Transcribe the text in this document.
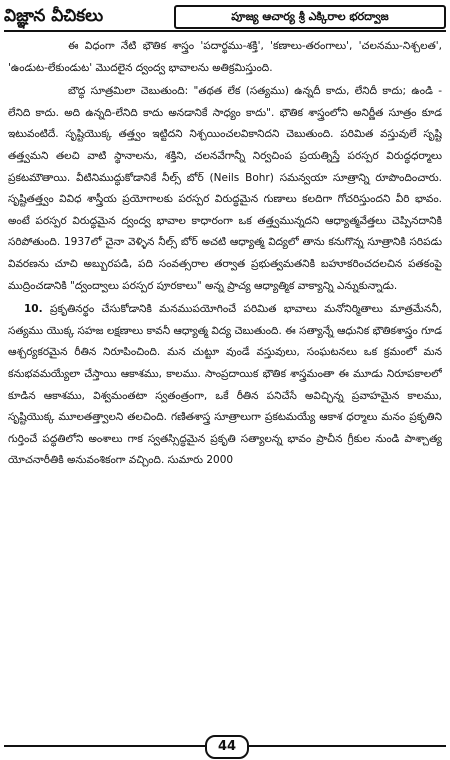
విజ్ఞాన వీచికలు	పూజ్య ఆచార్య శ్రీ ఎక్కిరాల భరద్వాజ

ఈ విధంగా నేటి భౌతిక శాస్త్రం 'పదార్థము-శక్తి', 'కణాలు-తరంగాలు', 'చలనము-నిశ్చలత', 'ఉండుట-లేకుండుట' మొదలైన ద్వంద్వ భావాలను అతిక్రమిస్తుంది.

బౌద్ధ సూత్రమిలా చెబుతుంది: "తథత లేక (సత్యము) ఉన్నదీ కాదు, లేనిదీ కాదు; ఉండి - లేనిది కాదు. అది ఉన్నది-లేనిది కాదు అనడానికే సాధ్యం కాదు". భౌతిక శాస్త్రంలోని అనిర్ణీత సూత్రం కూడ ఇటువంటిదే. సృష్టియొక్క తత్త్వం ఇట్టిదని నిశ్చయించలవికానిదని చెబుతుంది. పరిమిత వస్తువులే సృష్టి తత్త్వమని తలచి వాటి స్థానాలను, శక్తిని, చలనవేగాన్నీ నిర్వచింప ప్రయత్నిస్తే పరస్పర విరుద్ధధర్మాలు ప్రకటమౌతాయి. వీటినిముద్ధుకోడానికే నీల్స్ బోర్ (Neils Bohr) సమన్వయా సూత్రాన్ని రూపొందించారు. సృష్టితత్త్వం వివిధ శాస్త్రీయ ప్రయోగాలకు పరస్పర విరుద్ధమైన గుణాలు కలదిగా గోచరిస్తుందని వీరి భావం. అంటే పరస్పర విరుద్ధమైన ద్వంద్వ భావాల కాధారంగా ఒక తత్త్వమున్నదని ఆధ్యాత్మవేత్తలు చెప్పినదానికి సరిపోతుంది. 1937లో చైనా వెళ్ళిన నీల్స్ బోర్ అచటి ఆధ్యాత్మ విద్యలో తాను కనుగొన్న సూత్రానికి సరిపడు వివరణను చూచి అబ్బురపడి, పది సంవత్సరాల తర్వాత ప్రభుత్వమతనికి బహూకరించదలచిన పతకంపై ముద్రించడానికి "ద్వంద్వాలు పరస్పర పూరకాలు" అన్న ప్రాచ్య ఆధ్యాత్మిక వాక్యాన్ని ఎన్నుకున్నాడు.

10. ప్రకృతినర్థం చేసుకోడానికి మనముపయోగించే పరిమిత భావాలు మనోనిర్మితాలు మాత్రమేననీ, సత్యము యొక్క సహజ లక్షణాలు కావనీ ఆధ్యాత్మ విద్య చెబుతుంది. ఈ సత్యాన్నే ఆధునిక భౌతికశాస్త్రం గూడ ఆశ్చర్యకరమైన రీతిన నిరూపించింది. మన చుట్టూ వుండే వస్తువులు, సంఘటనలు ఒక క్రమంలో మన కనుభవమయ్యేలా చేస్తాయి ఆకాశము, కాలము. సాంప్రదాయిక భౌతిక శాస్త్రమంతా ఈ మూడు నిరూపకాలలో కూడిన ఆకాశము, విశ్వమంతటా స్వతంత్రంగా, ఒకే రీతిన పనిచేసే అవిచ్ఛిన్న ప్రవాహమైన కాలము, సృష్టియొక్క మూలతత్త్వాలని తలచింది. గణితశాస్త్ర సూత్రాలుగా ప్రకటమయ్యే ఆకాశ ధర్మాలు మనం ప్రకృతిని గుర్తించే పద్ధతిలోని అంశాలు గాక స్వతస్సిద్ధమైన ప్రకృతి సత్యాలన్న భావం ప్రాచీన గ్రీకుల నుండి పాశ్చాత్య యోచనారీతికి అనువంశికంగా వచ్చింది. సుమారు 2000

44
